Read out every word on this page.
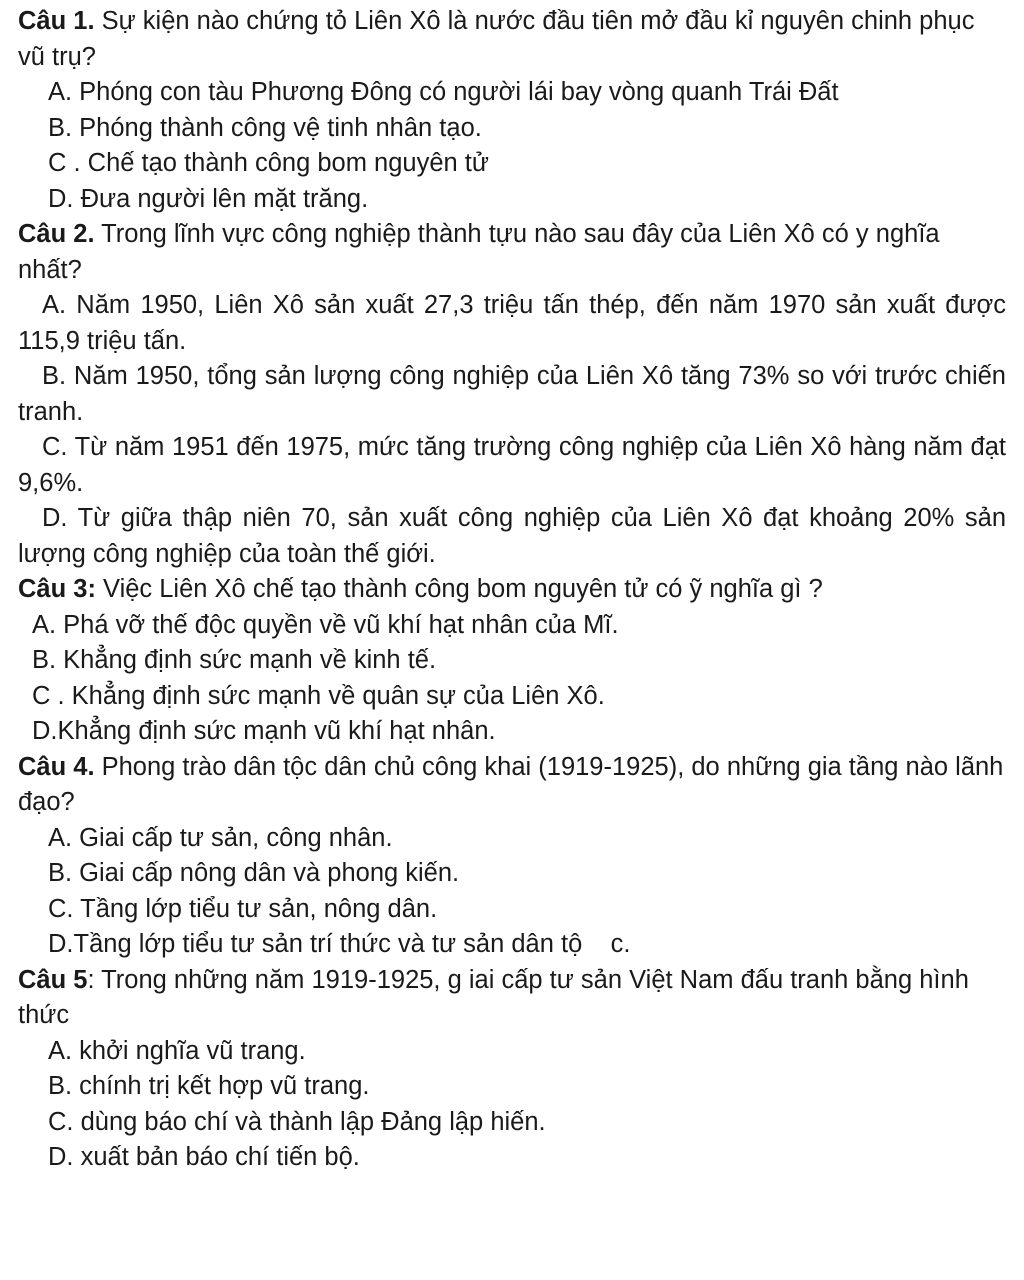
Câu 1. Sự kiện nào chứng tỏ Liên Xô là nước đầu tiên mở đầu kỉ nguyên chinh phục vũ trụ?

A. Phóng con tàu Phương Đông có người lái bay vòng quanh Trái Đất

B. Phóng thành công vệ tinh nhân tạo.

C . Chế tạo thành công bom nguyên tử

D. Đưa người lên mặt trăng.

Câu 2. Trong lĩnh vực công nghiệp thành tựu nào sau đây của Liên Xô có y nghĩa nhất?

A. Năm 1950, Liên Xô sản xuất 27,3 triệu tấn thép, đến năm 1970 sản xuất được 115,9 triệu tấn.

B. Năm 1950, tổng sản lượng công nghiệp của Liên Xô tăng 73% so với trước chiến tranh.

C. Từ năm 1951 đến 1975, mức tăng trường công nghiệp của Liên Xô hàng năm đạt 9,6%.

D. Từ giữa thập niên 70, sản xuất công nghiệp của Liên Xô đạt khoảng 20% sản lượng công nghiệp của toàn thế giới.

Câu 3: Việc Liên Xô chế tạo thành công bom nguyên tử có ỹ nghĩa gì ?

A. Phá vỡ thế độc quyền về vũ khí hạt nhân của Mĩ.

B. Khẳng định sức mạnh về kinh tế.

C . Khẳng định sức mạnh về quân sự của Liên Xô.

D.Khẳng định sức mạnh vũ khí hạt nhân.

Câu 4. Phong trào dân tộc dân chủ công khai (1919-1925), do những gia tầng nào lãnh đạo?

A. Giai cấp tư sản, công nhân.

B. Giai cấp nông dân và phong kiến.

C. Tầng lớp tiểu tư sản, nông dân.

D.Tầng lớp tiểu tư sản trí thức và tư sản dân tộ    c.

Câu 5: Trong những năm 1919-1925, g iai cấp tư sản Việt Nam đấu tranh bằng hình thức

A. khởi nghĩa vũ trang.

B. chính trị kết hợp vũ trang.

C. dùng báo chí và thành lập Đảng lập hiến.

D. xuất bản báo chí tiến bộ.
